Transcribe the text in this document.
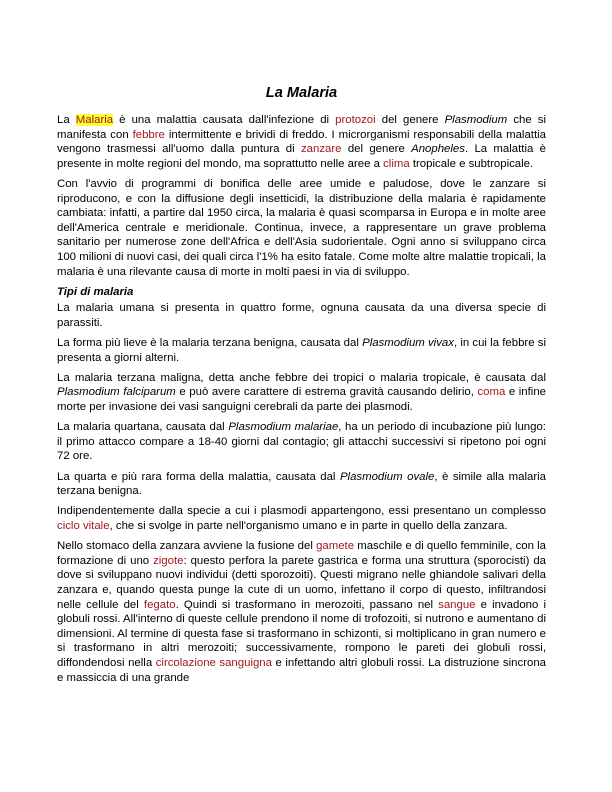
La Malaria

La Malaria è una malattia causata dall'infezione di protozoi del genere Plasmodium che si manifesta con febbre intermittente e brividi di freddo. I microrganismi responsabili della malattia vengono trasmessi all'uomo dalla puntura di zanzare del genere Anopheles. La malattia è presente in molte regioni del mondo, ma soprattutto nelle aree a clima tropicale e subtropicale.

Con l'avvio di programmi di bonifica delle aree umide e paludose, dove le zanzare si riproducono, e con la diffusione degli insetticidi, la distribuzione della malaria è rapidamente cambiata: infatti, a partire dal 1950 circa, la malaria è quasi scomparsa in Europa e in molte aree dell'America centrale e meridionale. Continua, invece, a rappresentare un grave problema sanitario per numerose zone dell'Africa e dell'Asia sudorientale. Ogni anno si sviluppano circa 100 milioni di nuovi casi, dei quali circa l'1% ha esito fatale. Come molte altre malattie tropicali, la malaria è una rilevante causa di morte in molti paesi in via di sviluppo.

Tipi di malaria

La malaria umana si presenta in quattro forme, ognuna causata da una diversa specie di parassiti.

La forma più lieve è la malaria terzana benigna, causata dal Plasmodium vivax, in cui la febbre si presenta a giorni alterni.

La malaria terzana maligna, detta anche febbre dei tropici o malaria tropicale, è causata dal Plasmodium falciparum e può avere carattere di estrema gravità causando delirio, coma e infine morte per invasione dei vasi sanguigni cerebrali da parte dei plasmodi.

La malaria quartana, causata dal Plasmodium malariae, ha un periodo di incubazione più lungo: il primo attacco compare a 18-40 giorni dal contagio; gli attacchi successivi si ripetono poi ogni 72 ore.

La quarta e più rara forma della malattia, causata dal Plasmodium ovale, è simile alla malaria terzana benigna.

Indipendentemente dalla specie a cui i plasmodi appartengono, essi presentano un complesso ciclo vitale, che si svolge in parte nell'organismo umano e in parte in quello della zanzara.

Nello stomaco della zanzara avviene la fusione del gamete maschile e di quello femminile, con la formazione di uno zigote: questo perfora la parete gastrica e forma una struttura (sporocisti) da dove si sviluppano nuovi individui (detti sporozoiti). Questi migrano nelle ghiandole salivari della zanzara e, quando questa punge la cute di un uomo, infettano il corpo di questo, infiltrandosi nelle cellule del fegato. Quindi si trasformano in merozoiti, passano nel sangue e invadono i globuli rossi. All'interno di queste cellule prendono il nome di trofozoiti, si nutrono e aumentano di dimensioni. Al termine di questa fase si trasformano in schizonti, si moltiplicano in gran numero e si trasformano in altri merozoiti; successivamente, rompono le pareti dei globuli rossi, diffondendosi nella circolazione sanguigna e infettando altri globuli rossi. La distruzione sincrona e massiccia di una grande
